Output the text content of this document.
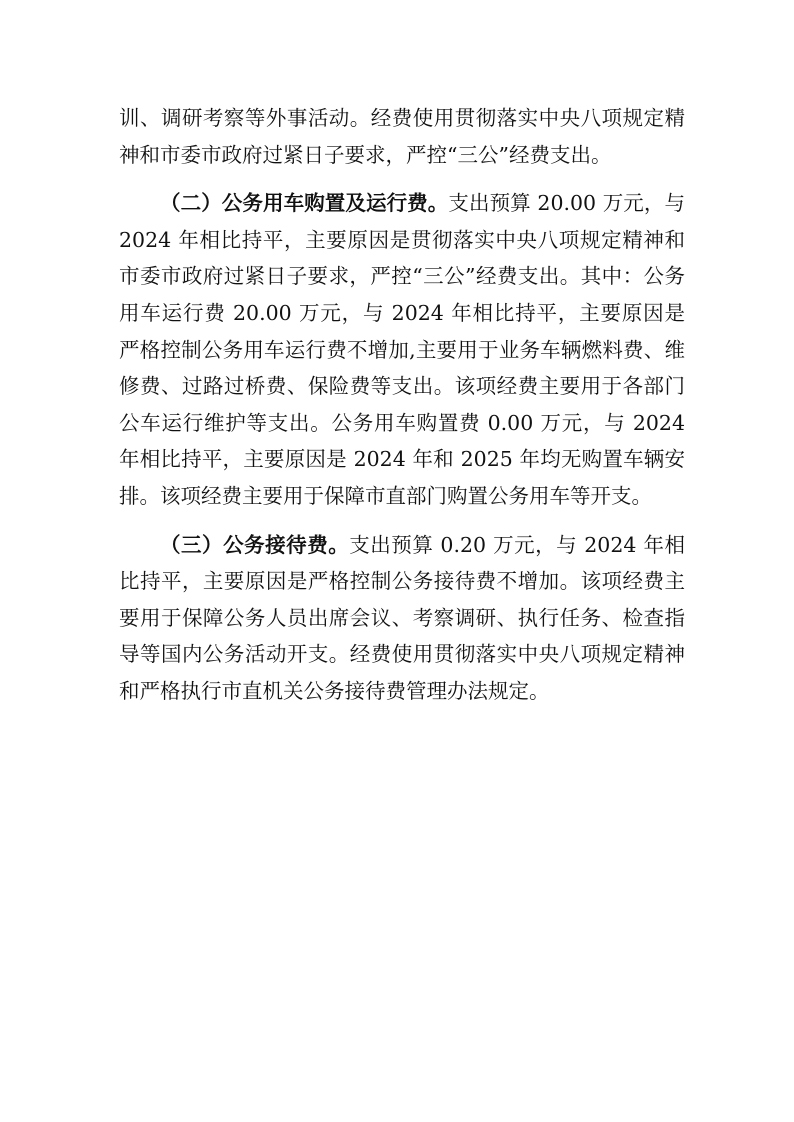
训、调研考察等外事活动。经费使用贯彻落实中央八项规定精神和市委市政府过紧日子要求，严控“三公”经费支出。

（二）公务用车购置及运行费。支出预算 20.00 万元，与 2024 年相比持平，主要原因是贯彻落实中央八项规定精神和市委市政府过紧日子要求，严控“三公”经费支出。其中：公务用车运行费 20.00 万元，与 2024 年相比持平，主要原因是严格控制公务用车运行费不增加,主要用于业务车辆燃料费、维修费、过路过桥费、保险费等支出。该项经费主要用于各部门公车运行维护等支出。公务用车购置费 0.00 万元，与 2024 年相比持平，主要原因是 2024 年和 2025 年均无购置车辆安排。该项经费主要用于保障市直部门购置公务用车等开支。

（三）公务接待费。支出预算 0.20 万元，与 2024 年相比持平，主要原因是严格控制公务接待费不增加。该项经费主要用于保障公务人员出席会议、考察调研、执行任务、检查指导等国内公务活动开支。经费使用贯彻落实中央八项规定精神和严格执行市直机关公务接待费管理办法规定。
